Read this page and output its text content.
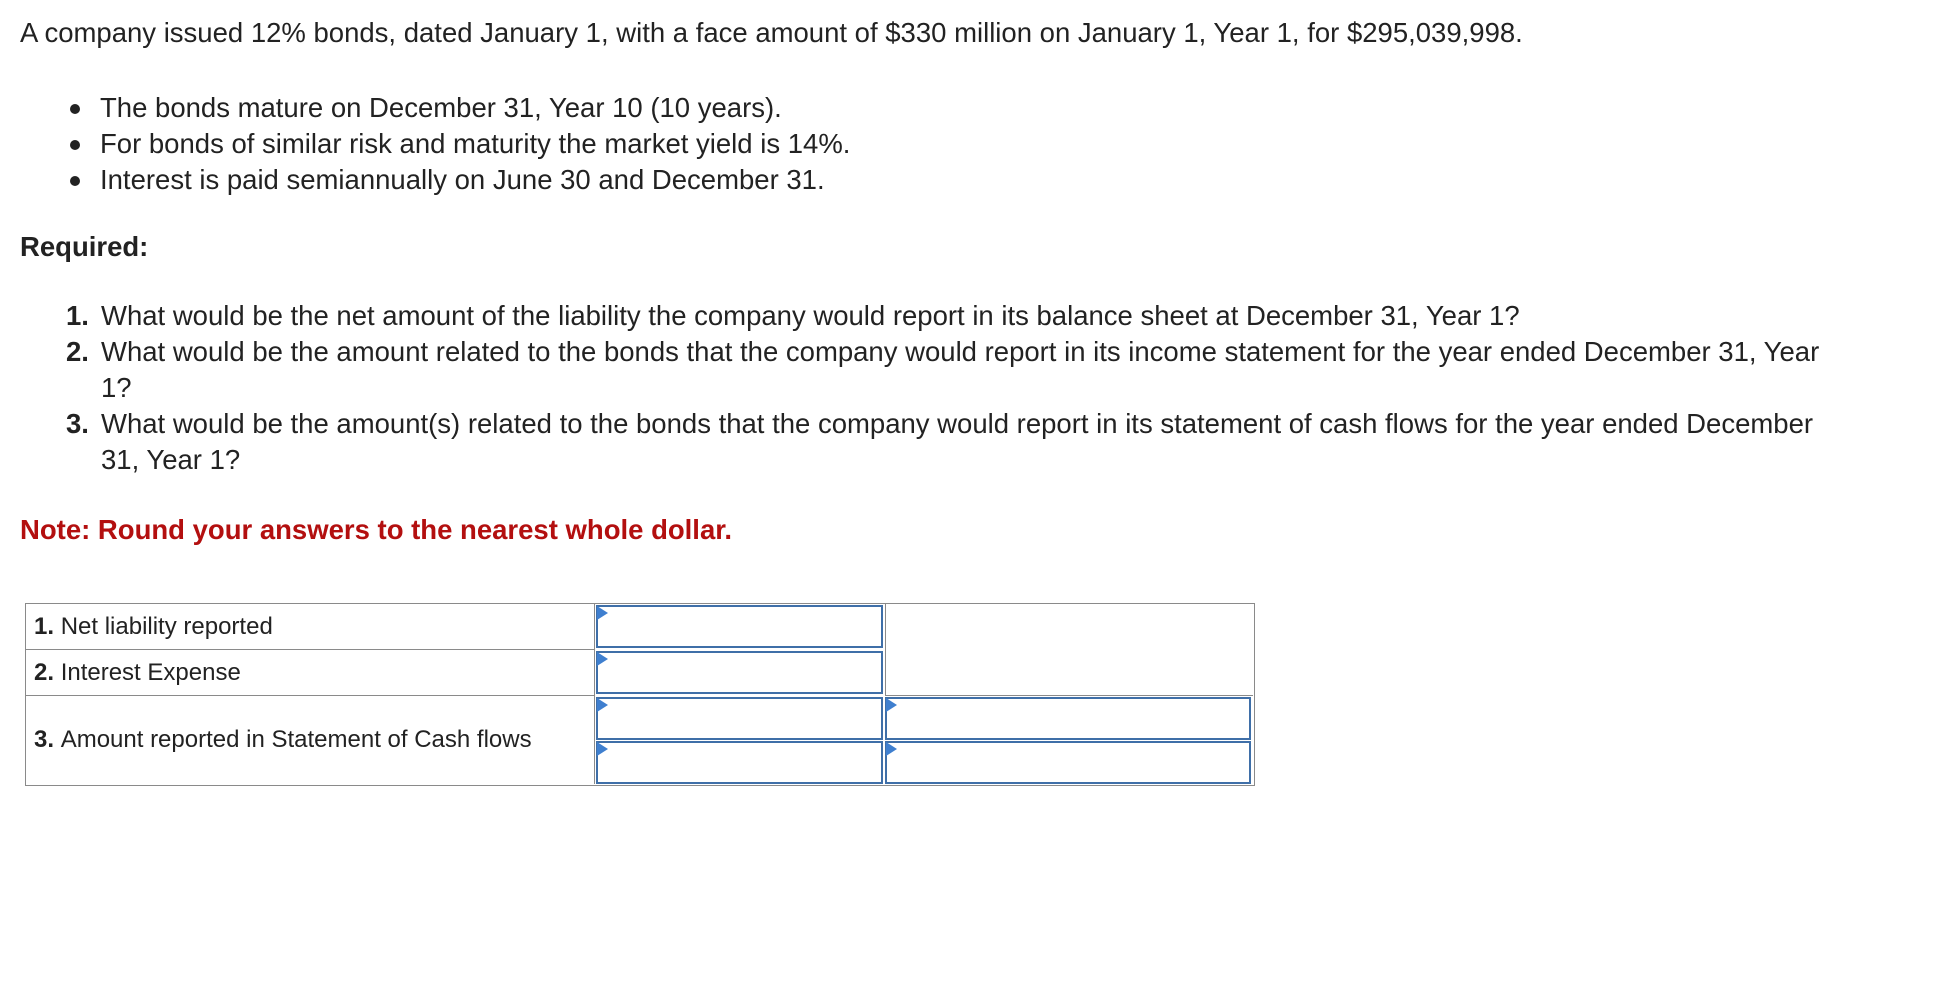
A company issued 12% bonds, dated January 1, with a face amount of $330 million on January 1, Year 1, for $295,039,998.
The bonds mature on December 31, Year 10 (10 years).
For bonds of similar risk and maturity the market yield is 14%.
Interest is paid semiannually on June 30 and December 31.
Required:
1. What would be the net amount of the liability the company would report in its balance sheet at December 31, Year 1?
2. What would be the amount related to the bonds that the company would report in its income statement for the year ended December 31, Year 1?
3. What would be the amount(s) related to the bonds that the company would report in its statement of cash flows for the year ended December 31, Year 1?
Note: Round your answers to the nearest whole dollar.
1.
Net liability reported
2.
Interest Expense
3.
Amount reported in Statement of Cash flows
